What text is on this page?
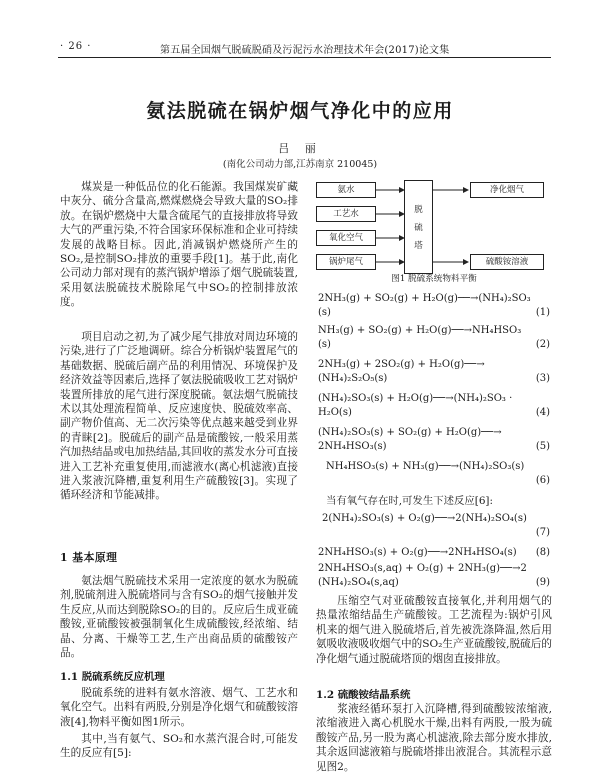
· 26 ·	第五届全国烟气脱硫脱硝及污泥污水治理技术年会(2017)论文集
氨法脱硫在锅炉烟气净化中的应用
吕 丽
(南化公司动力部,江苏南京 210045)

煤炭是一种低品位的化石能源。我国煤炭矿藏中灰分、硫分含量高,燃煤燃烧会导致大量的SO₂排放。在锅炉燃烧中大量含硫尾气的直接排放将导致大气的严重污染,不符合国家环保标准和企业可持续发展的战略目标。因此,消减锅炉燃烧所产生的SO₂,是控制SO₂排放的重要手段[1]。基于此,南化公司动力部对现有的蒸汽锅炉增添了烟气脱硫装置,采用氨法脱硫技术脱除尾气中SO₂的控制排放浓度。

项目启动之初,为了减少尾气排放对周边环境的污染,进行了广泛地调研。综合分析锅炉装置尾气的基础数据、脱硫后副产品的利用情况、环境保护及经济效益等因素后,选择了氨法脱硫吸收工艺对锅炉装置所排放的尾气进行深度脱硫。氨法烟气脱硫技术以其处理流程简单、反应速度快、脱硫效率高、副产物价值高、无二次污染等优点越来越受到业界的青睐[2]。脱硫后的副产品是硫酸铵,一般采用蒸汽加热结晶或电加热结晶,其回收的蒸发水分可直接进入工艺补充重复使用,而滤液水(离心机滤液)直接进入浆液沉降槽,重复利用生产硫酸铵[3]。实现了循环经济和节能减排。

1 基本原理

氨法烟气脱硫技术采用一定浓度的氨水为脱硫剂,脱硫剂进入脱硫塔同与含有SO₂的烟气接触并发生反应,从而达到脱除SO₂的目的。反应后生成亚硫酸铵,亚硫酸铵被强制氧化生成硫酸铵,经浓缩、结晶、分离、干燥等工艺,生产出商品质的硫酸铵产品。

1.1 脱硫系统反应机理

脱硫系统的进料有氨水溶液、烟气、工艺水和氧化空气。出料有两股,分别是净化烟气和硫酸铵溶液[4],物料平衡如图1所示。

其中,当有氨气、SO₂和水蒸汽混合时,可能发生的反应有[5]:

氨水
工艺水
氧化空气
锅炉尾气
脱
硫
塔
净化烟气
硫酸铵溶液
图1 脱硫系统物料平衡
2NH₃(g) + SO₂(g) + H₂O(g)──→(NH₄)₂SO₃
(s)	(1)
NH₃(g) + SO₂(g) + H₂O(g)──→NH₄HSO₃
(s)	(2)
2NH₃(g) + 2SO₂(g) + H₂O(g)──→
(NH₄)₂S₂O₅(s)	(3)
(NH₄)₂SO₃(s) + H₂O(g)──→(NH₄)₂SO₃ ·
H₂O(s)	(4)
(NH₄)₂SO₃(s) + SO₂(g) + H₂O(g)──→
2NH₄HSO₃(s)	(5)
NH₄HSO₃(s) + NH₃(g)──→(NH₄)₂SO₃(s)
(6)
当有氧气存在时,可发生下述反应[6]:
2(NH₄)₂SO₃(s) + O₂(g)──→2(NH₄)₂SO₄(s)
(7)
2NH₄HSO₃(s) + O₂(g)──→2NH₄HSO₄(s) (8)
2NH₄HSO₃(s,aq) + O₂(g) + 2NH₃(g)──→2
(NH₄)₂SO₄(s,aq)	(9)

压缩空气对亚硫酸铵直接氧化,并利用烟气的热量浓缩结晶生产硫酸铵。工艺流程为:锅炉引风机来的烟气进入脱硫塔后,首先被洗涤降温,然后用氨吸收液吸收烟气中的SO₂生产亚硫酸铵,脱硫后的净化烟气通过脱硫塔顶的烟囱直接排放。

1.2 硫酸铵结晶系统

浆液经循环泵打入沉降槽,得到硫酸铵浓缩液,浓缩液进入离心机脱水干燥,出料有两股,一股为硫酸铵产品,另一股为离心机滤液,除去部分废水排放,其余返回滤液箱与脱硫塔排出液混合。其流程示意见图2。
